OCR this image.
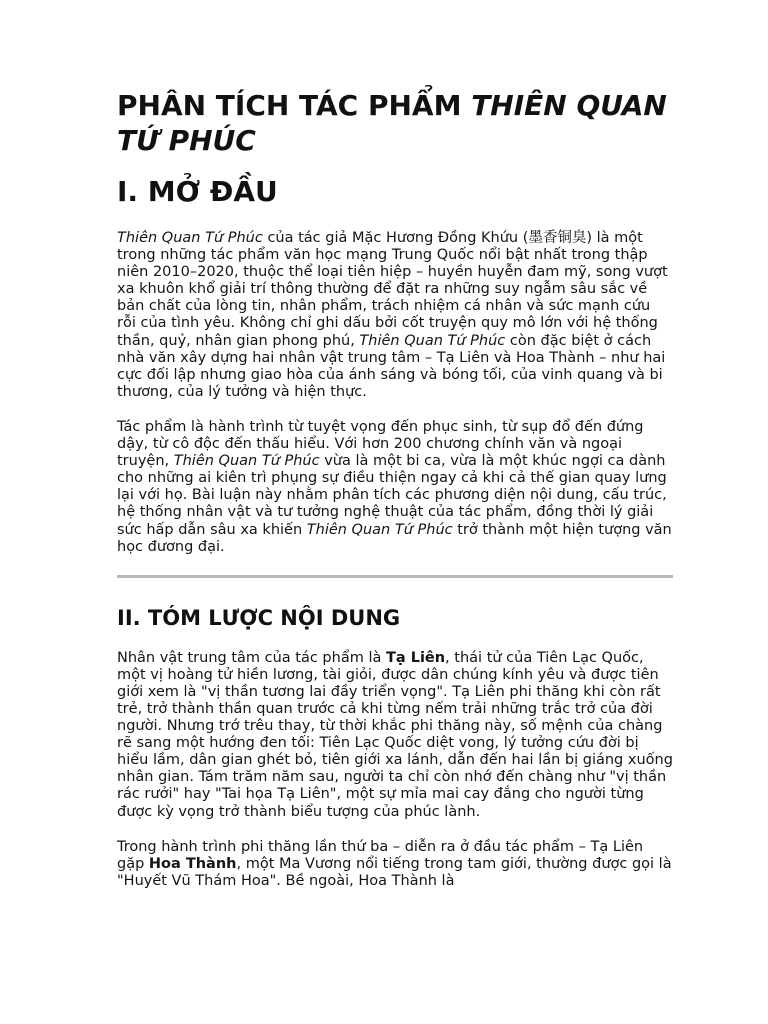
PHÂN TÍCH TÁC PHẨM THIÊN QUAN TỨ PHÚC
I. MỞ ĐẦU

Thiên Quan Tứ Phúc của tác giả Mặc Hương Đồng Khứu (墨香铜臭) là một trong những tác phẩm văn học mạng Trung Quốc nổi bật nhất trong thập niên 2010–2020, thuộc thể loại tiên hiệp – huyền huyễn đam mỹ, song vượt xa khuôn khổ giải trí thông thường để đặt ra những suy ngẫm sâu sắc về bản chất của lòng tin, nhân phẩm, trách nhiệm cá nhân và sức mạnh cứu rỗi của tình yêu. Không chỉ ghi dấu bởi cốt truyện quy mô lớn với hệ thống thần, quỷ, nhân gian phong phú, Thiên Quan Tứ Phúc còn đặc biệt ở cách nhà văn xây dựng hai nhân vật trung tâm – Tạ Liên và Hoa Thành – như hai cực đối lập nhưng giao hòa của ánh sáng và bóng tối, của vinh quang và bi thương, của lý tưởng và hiện thực.

Tác phẩm là hành trình từ tuyệt vọng đến phục sinh, từ sụp đổ đến đứng dậy, từ cô độc đến thấu hiểu. Với hơn 200 chương chính văn và ngoại truyện, Thiên Quan Tứ Phúc vừa là một bi ca, vừa là một khúc ngợi ca dành cho những ai kiên trì phụng sự điều thiện ngay cả khi cả thế gian quay lưng lại với họ. Bài luận này nhằm phân tích các phương diện nội dung, cấu trúc, hệ thống nhân vật và tư tưởng nghệ thuật của tác phẩm, đồng thời lý giải sức hấp dẫn sâu xa khiến Thiên Quan Tứ Phúc trở thành một hiện tượng văn học đương đại.

II. TÓM LƯỢC NỘI DUNG

Nhân vật trung tâm của tác phẩm là Tạ Liên, thái tử của Tiên Lạc Quốc, một vị hoàng tử hiền lương, tài giỏi, được dân chúng kính yêu và được tiên giới xem là "vị thần tương lai đầy triển vọng". Tạ Liên phi thăng khi còn rất trẻ, trở thành thần quan trước cả khi từng nếm trải những trắc trở của đời người. Nhưng trớ trêu thay, từ thời khắc phi thăng này, số mệnh của chàng rẽ sang một hướng đen tối: Tiên Lạc Quốc diệt vong, lý tưởng cứu đời bị hiểu lầm, dân gian ghét bỏ, tiên giới xa lánh, dẫn đến hai lần bị giáng xuống nhân gian. Tám trăm năm sau, người ta chỉ còn nhớ đến chàng như "vị thần rác rưởi" hay "Tai họa Tạ Liên", một sự mỉa mai cay đắng cho người từng được kỳ vọng trở thành biểu tượng của phúc lành.

Trong hành trình phi thăng lần thứ ba – diễn ra ở đầu tác phẩm – Tạ Liên gặp Hoa Thành, một Ma Vương nổi tiếng trong tam giới, thường được gọi là "Huyết Vũ Thám Hoa". Bề ngoài, Hoa Thành là
